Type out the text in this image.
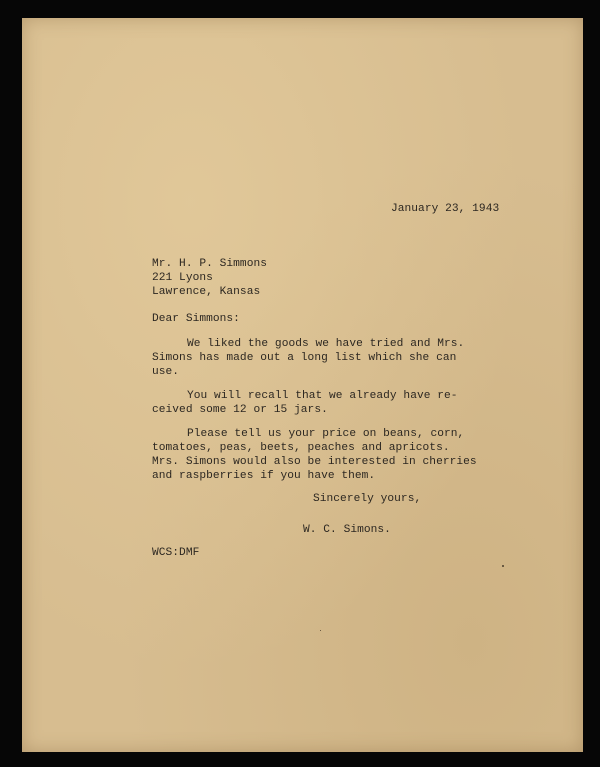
January 23, 1943
Mr. H. P. Simmons
221 Lyons
Lawrence, Kansas
Dear Simmons:
We liked the goods we have tried and Mrs.
Simons has made out a long list which she can
use.
You will recall that we already have re-
ceived some 12 or 15 jars.
Please tell us your price on beans, corn,
tomatoes, peas, beets, peaches and apricots.
Mrs. Simons would also be interested in cherries
and raspberries if you have them.
Sincerely yours,
W. C. Simons.
WCS:DMF
